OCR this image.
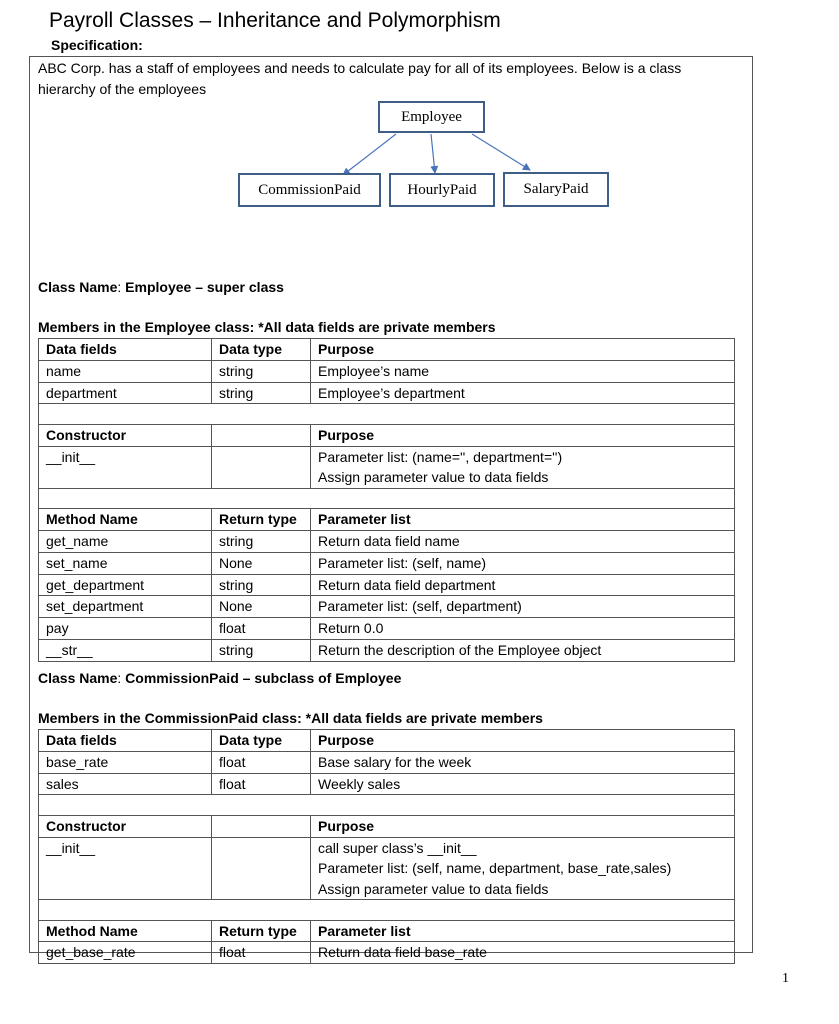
Payroll Classes – Inheritance and Polymorphism
Specification:
ABC Corp. has a staff of employees and needs to calculate pay for all of its employees. Below is a class hierarchy of the employees
Employee
CommissionPaid	HourlyPaid	SalaryPaid
Class Name: Employee – super class
Members in the Employee class: *All data fields are private members
Data fields	Data type	Purpose
name	string	Employee’s name
department	string	Employee’s department

Constructor		Purpose
__init__		Parameter list: (name='', department='')
Assign parameter value to data fields

Method Name	Return type	Parameter list
get_name	string	Return data field name
set_name	None	Parameter list: (self, name)
get_department	string	Return data field department
set_department	None	Parameter list: (self, department)
pay	float	Return 0.0
__str__	string	Return the description of the Employee object
Class Name: CommissionPaid – subclass of Employee
Members in the CommissionPaid class: *All data fields are private members
Data fields	Data type	Purpose
base_rate	float	Base salary for the week
sales	float	Weekly sales

Constructor		Purpose
__init__		call super class’s __init__
Parameter list: (self, name, department, base_rate,sales)
Assign parameter value to data fields

Method Name	Return type	Parameter list
get_base_rate	float	Return data field base_rate
1
